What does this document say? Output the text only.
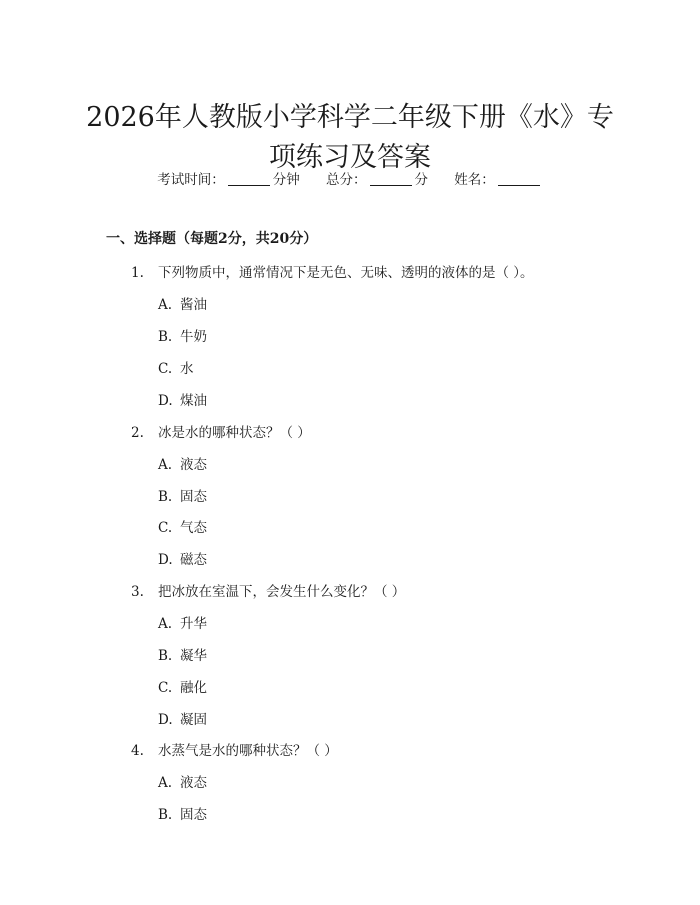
2026年人教版小学科学二年级下册《水》专
项练习及答案
考试时间：	分钟 总分：	分 姓名：
一、选择题（每题2分，共20分）
1. 下列物质中，通常情况下是无色、无味、透明的液体的是（ ）。
A. 酱油
B. 牛奶
C. 水
D. 煤油
2. 冰是水的哪种状态？（ ）
A. 液态
B. 固态
C. 气态
D. 磁态
3. 把冰放在室温下，会发生什么变化？（ ）
A. 升华
B. 凝华
C. 融化
D. 凝固
4. 水蒸气是水的哪种状态？（ ）
A. 液态
B. 固态
